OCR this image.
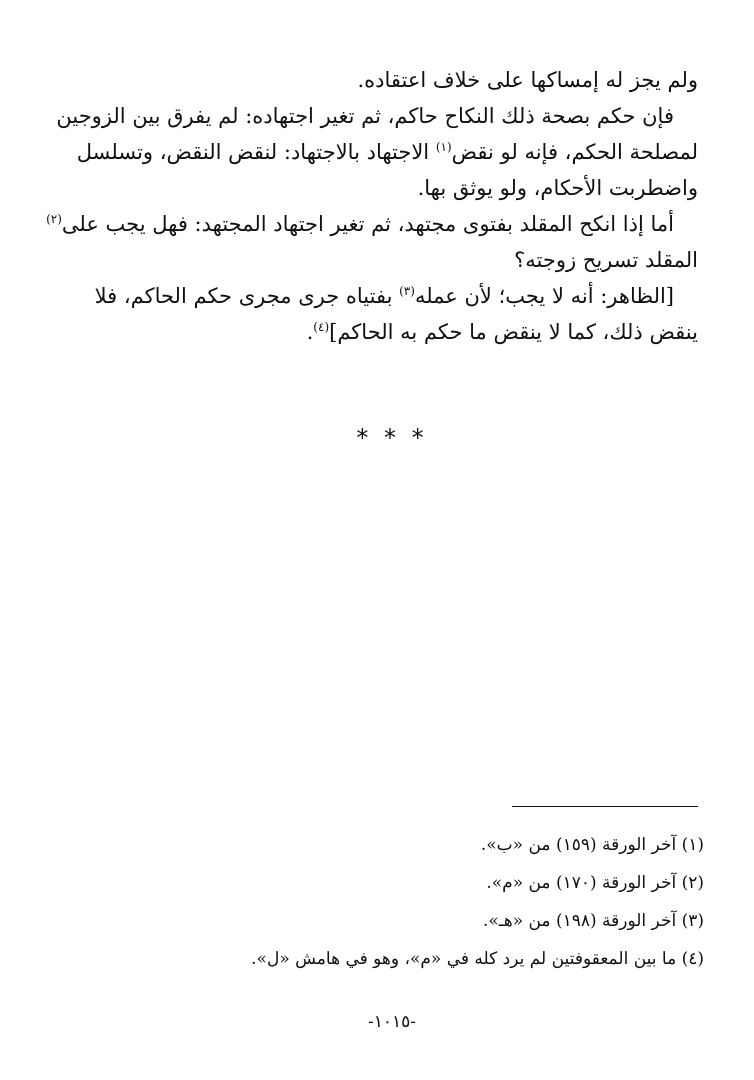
ولم يجز له إمساكها على خلاف اعتقاده.
فإن حكم بصحة ذلك النكاح حاكم، ثم تغير اجتهاده: لم يفرق بين الزوجين
لمصلحة الحكم، فإنه لو نقض$^{(١)}$ الاجتهاد بالاجتهاد: لنقض النقض، وتسلسل
واضطربت الأحكام، ولو يوثق بها.
أما إذا انكح المقلد بفتوى مجتهد، ثم تغير اجتهاد المجتهد: فهل يجب على$^{(٢)}$
المقلد تسريح زوجته؟
[الظاهر: أنه لا يجب؛ لأن عمله$^{(٣)}$ بفتياه جرى مجرى حكم الحاكم، فلا
ينقض ذلك، كما لا ينقض ما حكم به الحاكم]$^{(٤)}$.
* * *
(١) آخر الورقة (١٥٩) من «ب».
(٢) آخر الورقة (١٧٠) من «م».
(٣) آخر الورقة (١٩٨) من «هـ».
(٤) ما بين المعقوفتين لم يرد كله في «م»، وهو في هامش «ل».
-١٠١٥-
